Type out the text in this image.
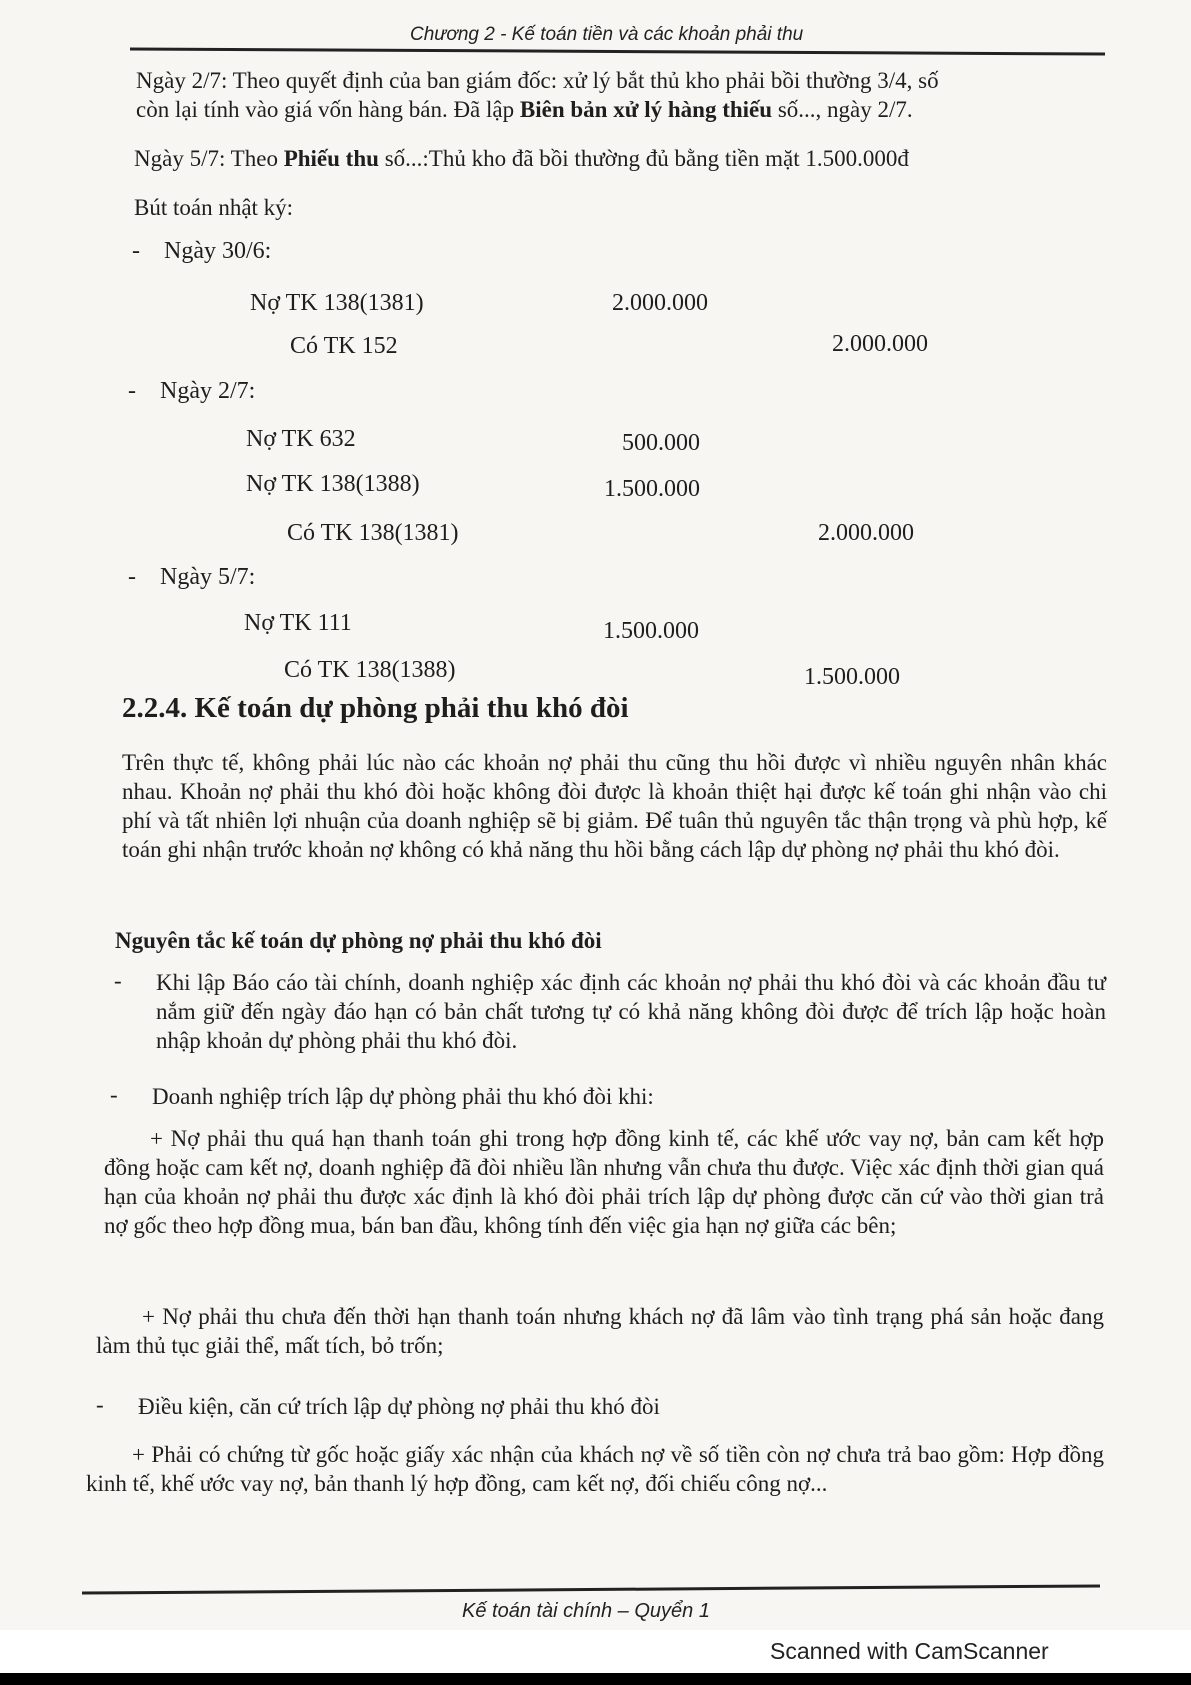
Chương 2 - Kế toán tiền và các khoản phải thu
Ngày 2/7: Theo quyết định của ban giám đốc: xử lý bắt thủ kho phải bồi thường 3/4, số
còn lại tính vào giá vốn hàng bán. Đã lập Biên bản xử lý hàng thiếu số..., ngày 2/7.
Ngày 5/7: Theo Phiếu thu số...:Thủ kho đã bồi thường đủ bằng tiền mặt 1.500.000đ
Bút toán nhật ký:
-    Ngày 30/6:
Nợ TK 138(1381)	2.000.000
Có TK 152	2.000.000
-    Ngày 2/7:
Nợ TK 632	500.000
Nợ TK 138(1388)	1.500.000
Có TK 138(1381)	2.000.000
-    Ngày 5/7:
Nợ TK 111	1.500.000
Có TK 138(1388)	1.500.000
2.2.4. Kế toán dự phòng phải thu khó đòi
Trên thực tế, không phải lúc nào các khoản nợ phải thu cũng thu hồi được vì nhiều nguyên nhân khác nhau. Khoản nợ phải thu khó đòi hoặc không đòi được là khoản thiệt hại được kế toán ghi nhận vào chi phí và tất nhiên lợi nhuận của doanh nghiệp sẽ bị giảm. Để tuân thủ nguyên tắc thận trọng và phù hợp, kế toán ghi nhận trước khoản nợ không có khả năng thu hồi bằng cách lập dự phòng nợ phải thu khó đòi.
Nguyên tắc kế toán dự phòng nợ phải thu khó đòi
- Khi lập Báo cáo tài chính, doanh nghiệp xác định các khoản nợ phải thu khó đòi và các khoản đầu tư nắm giữ đến ngày đáo hạn có bản chất tương tự có khả năng không đòi được để trích lập hoặc hoàn nhập khoản dự phòng phải thu khó đòi.
- Doanh nghiệp trích lập dự phòng phải thu khó đòi khi:
+ Nợ phải thu quá hạn thanh toán ghi trong hợp đồng kinh tế, các khế ước vay nợ, bản cam kết hợp đồng hoặc cam kết nợ, doanh nghiệp đã đòi nhiều lần nhưng vẫn chưa thu được. Việc xác định thời gian quá hạn của khoản nợ phải thu được xác định là khó đòi phải trích lập dự phòng được căn cứ vào thời gian trả nợ gốc theo hợp đồng mua, bán ban đầu, không tính đến việc gia hạn nợ giữa các bên;
+ Nợ phải thu chưa đến thời hạn thanh toán nhưng khách nợ đã lâm vào tình trạng phá sản hoặc đang làm thủ tục giải thể, mất tích, bỏ trốn;
- Điều kiện, căn cứ trích lập dự phòng nợ phải thu khó đòi
+ Phải có chứng từ gốc hoặc giấy xác nhận của khách nợ về số tiền còn nợ chưa trả bao gồm: Hợp đồng kinh tế, khế ước vay nợ, bản thanh lý hợp đồng, cam kết nợ, đối chiếu công nợ...
Kế toán tài chính – Quyển 1
Scanned with CamScanner
